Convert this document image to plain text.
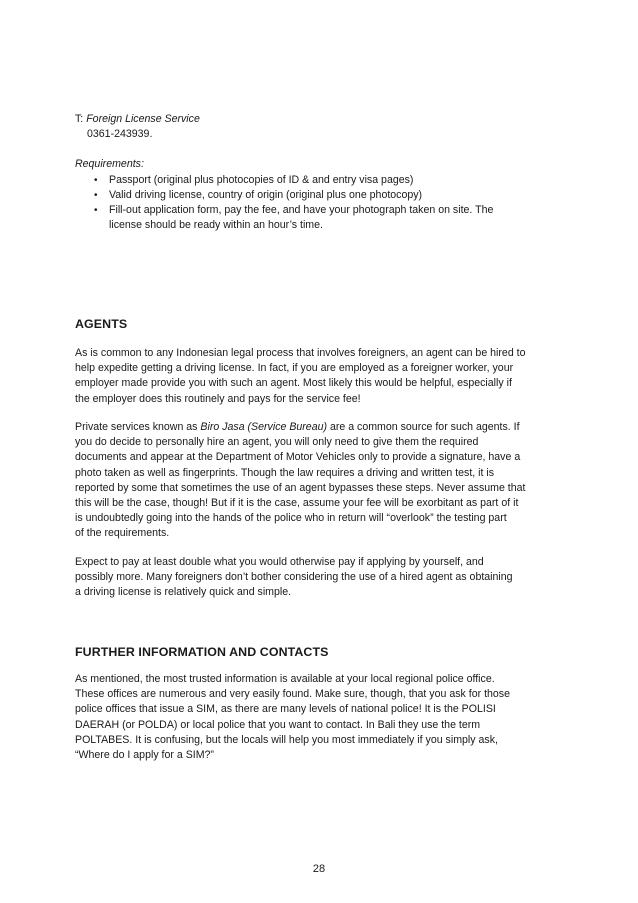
T: Foreign License Service

0361-243939.

Requirements:

• Passport (original plus photocopies of ID & and entry visa pages)
• Valid driving license, country of origin (original plus one photocopy)
• Fill-out application form, pay the fee, and have your photograph taken on site. The
license should be ready within an hour’s time.
AGENTS

As is common to any Indonesian legal process that involves foreigners, an agent can be hired to
help expedite getting a driving license. In fact, if you are employed as a foreigner worker, your
employer made provide you with such an agent. Most likely this would be helpful, especially if
the employer does this routinely and pays for the service fee!

Private services known as Biro Jasa (Service Bureau) are a common source for such agents. If
you do decide to personally hire an agent, you will only need to give them the required
documents and appear at the Department of Motor Vehicles only to provide a signature, have a
photo taken as well as fingerprints. Though the law requires a driving and written test, it is
reported by some that sometimes the use of an agent bypasses these steps. Never assume that
this will be the case, though! But if it is the case, assume your fee will be exorbitant as part of it
is undoubtedly going into the hands of the police who in return will “overlook” the testing part
of the requirements.

Expect to pay at least double what you would otherwise pay if applying by yourself, and
possibly more. Many foreigners don’t bother considering the use of a hired agent as obtaining
a driving license is relatively quick and simple.

FURTHER INFORMATION AND CONTACTS

As mentioned, the most trusted information is available at your local regional police office.
These offices are numerous and very easily found. Make sure, though, that you ask for those
police offices that issue a SIM, as there are many levels of national police! It is the POLISI
DAERAH (or POLDA) or local police that you want to contact. In Bali they use the term
POLTABES. It is confusing, but the locals will help you most immediately if you simply ask,
“Where do I apply for a SIM?”

28
